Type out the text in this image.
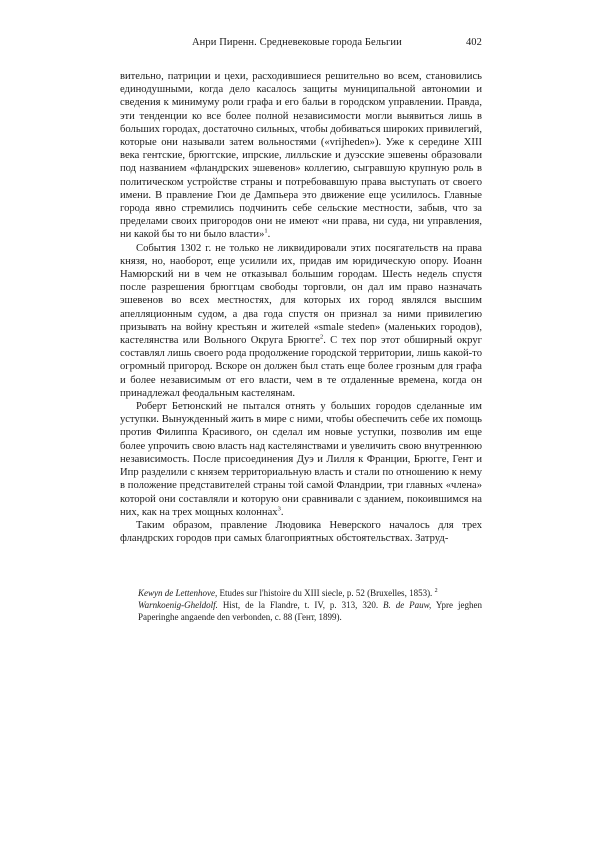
Анри Пиренн. Средневековые города Бельгии	402

вительно, патриции и цехи, расходившиеся решительно во всем, становились единодушными, когда дело касалось защиты муниципальной автономии и сведения к минимуму роли графа и его бальи в городском управлении. Правда, эти тенденции ко все более полной независимости могли выявиться лишь в больших городах, достаточно сильных, чтобы добиваться широких привилегий, которые они называли затем вольностями («vrijheden»). Уже к середине XIII века гентские, брюггские, ипрские, лилльские и дуэсские эшевены образовали под названием «фландрских эшевенов» коллегию, сыгравшую крупную роль в политическом устройстве страны и потребовавшую права выступать от своего имени. В правление Гюи де Дампьера это движение еще усилилось. Главные города явно стремились подчинить себе сельские местности, забыв, что за пределами своих пригородов они не имеют «ни права, ни суда, ни управления, ни какой бы то ни было власти»$^1$.

События 1302 г. не только не ликвидировали этих посягательств на права князя, но, наоборот, еще усилили их, придав им юридическую опору. Иоанн Намюрский ни в чем не отказывал большим городам. Шесть недель спустя после разрешения брюггцам свободы торговли, он дал им право назначать эшевенов во всех местностях, для которых их город являлся высшим апелляционным судом, а два года спустя он признал за ними привилегию призывать на войну крестьян и жителей «smale steden» (маленьких городов), кастелянства или Вольного Округа Брюгге$^2$. С тех пор этот обширный округ составлял лишь своего рода продолжение городской территории, лишь какой-то огромный пригород. Вскоре он должен был стать еще более грозным для графа и более независимым от его власти, чем в те отдаленные времена, когда он принадлежал феодальным кастелянам.

Роберт Бетюнский не пытался отнять у больших городов сделанные им уступки. Вынужденный жить в мире с ними, чтобы обеспечить себе их помощь против Филиппа Красивого, он сделал им новые уступки, позволив им еще более упрочить свою власть над кастелянствами и увеличить свою внутреннюю независимость. После присоединения Дуэ и Лилля к Франции, Брюгге, Гент и Ипр разделили с князем территориальную власть и стали по отношению к нему в положение представителей страны той самой Фландрии, три главных «члена» которой они составляли и которую они сравнивали с зданием, покоившимся на них, как на трех мощных колоннах$^3$.

Таким образом, правление Людовика Неверского началось для трех фландрских городов при самых благоприятных обстоятельствах. Затруд-

Kewyn de Lettenhove, Etudes sur l'histoire du XIII siecle, p. 52 (Bruxelles, 1853). $^2$
Warnkoenig-Gheldolf. Hist, de la Flandre, t. IV, p. 313, 320. B. de Pauw, Ypre jeghen Paperinghe angaende den verbonden, c. 88 (Гент, 1899).
